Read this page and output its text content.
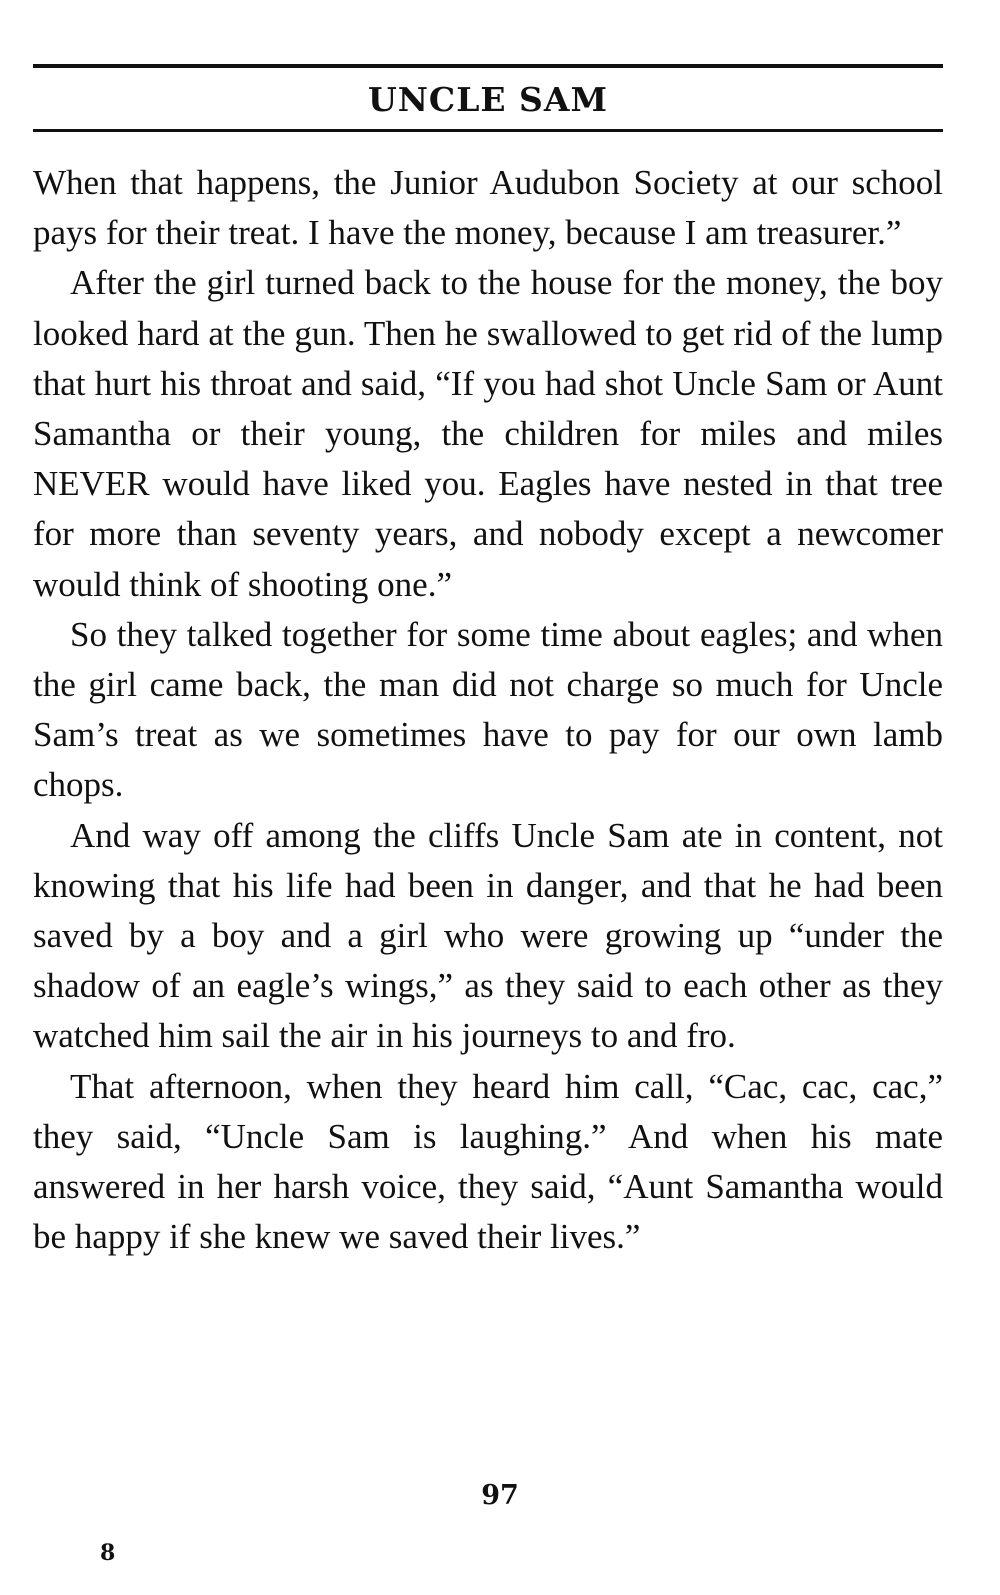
UNCLE SAM

When that happens, the Junior Audubon Society at our school pays for their treat. I have the money, because I am treasurer.”

After the girl turned back to the house for the money, the boy looked hard at the gun. Then he swallowed to get rid of the lump that hurt his throat and said, “If you had shot Uncle Sam or Aunt Samantha or their young, the children for miles and miles NEVER would have liked you. Eagles have nested in that tree for more than seventy years, and nobody except a newcomer would think of shooting one.”

So they talked together for some time about eagles; and when the girl came back, the man did not charge so much for Uncle Sam’s treat as we sometimes have to pay for our own lamb chops.

And way off among the cliffs Uncle Sam ate in content, not knowing that his life had been in danger, and that he had been saved by a boy and a girl who were growing up “under the shadow of an eagle’s wings,” as they said to each other as they watched him sail the air in his journeys to and fro.

That afternoon, when they heard him call, “Cac, cac, cac,” they said, “Uncle Sam is laughing.” And when his mate answered in her harsh voice, they said, “Aunt Samantha would be happy if she knew we saved their lives.”

97
8
